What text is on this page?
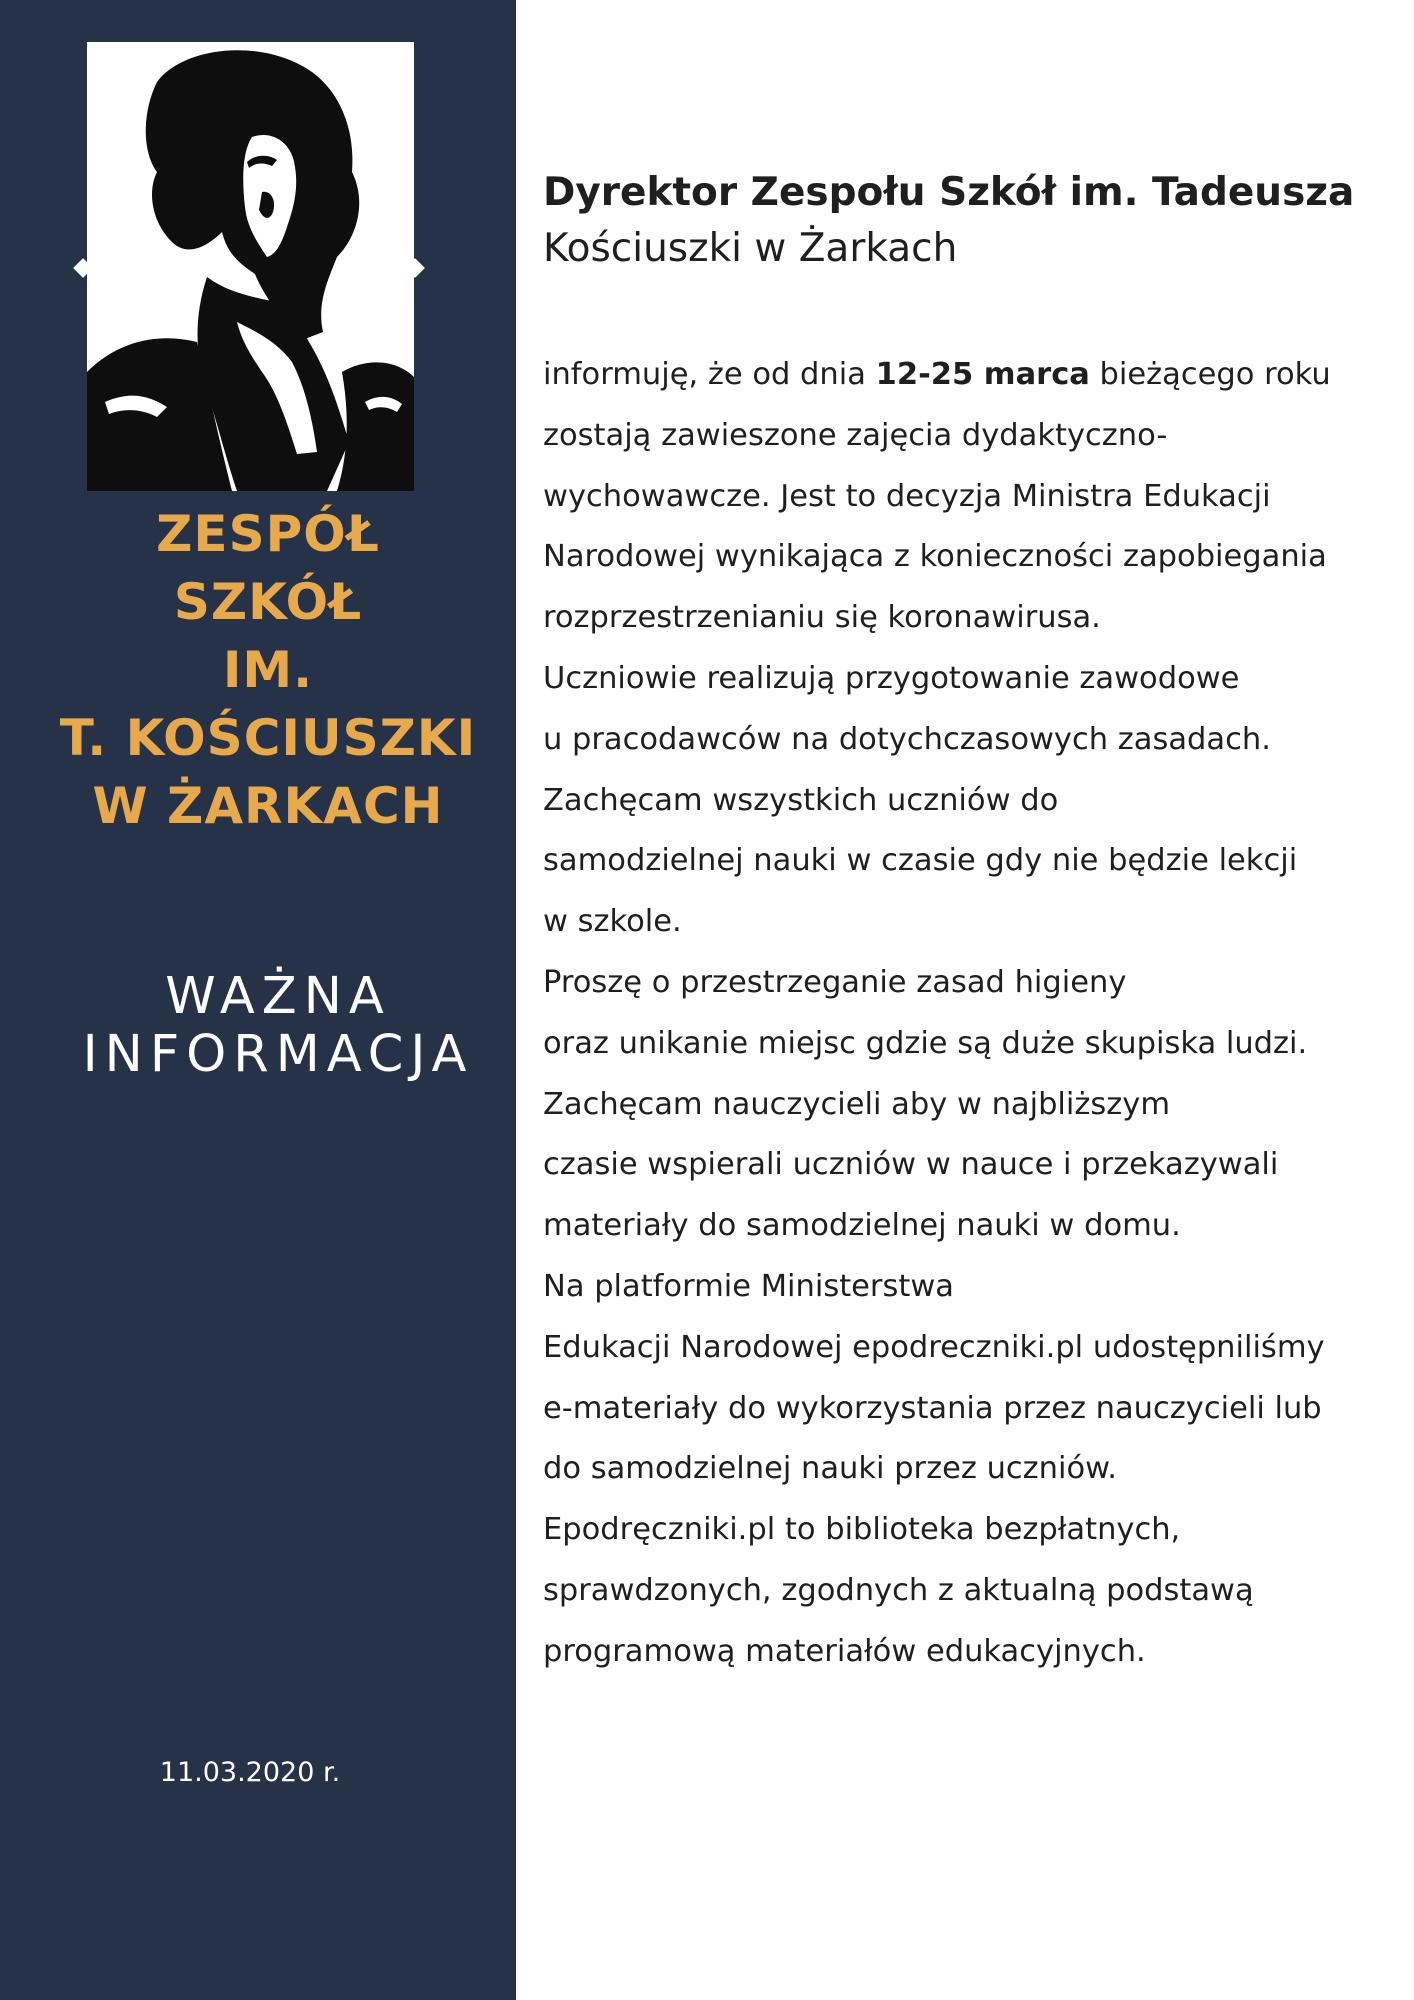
ZESPÓŁ
SZKÓŁ
IM.
T. KOŚCIUSZKI
W ŻARKACH
WAŻNA
INFORMACJA
11.03.2020 r.
Dyrektor Zespołu Szkół im. Tadeusza
Kościuszki w Żarkach
informuję, że od dnia 12-25 marca bieżącego roku
zostają zawieszone zajęcia dydaktyczno-
wychowawcze. Jest to decyzja Ministra Edukacji
Narodowej wynikająca z konieczności zapobiegania
rozprzestrzenianiu się koronawirusa.
Uczniowie realizują przygotowanie zawodowe
u pracodawców na dotychczasowych zasadach.
Zachęcam wszystkich uczniów do
samodzielnej nauki w czasie gdy nie będzie lekcji
w szkole.
Proszę o przestrzeganie zasad higieny
oraz unikanie miejsc gdzie są duże skupiska ludzi.
Zachęcam nauczycieli aby w najbliższym
czasie wspierali uczniów w nauce i przekazywali
materiały do samodzielnej nauki w domu.
Na platformie Ministerstwa
Edukacji Narodowej epodreczniki.pl udostępniliśmy
e-materiały do wykorzystania przez nauczycieli lub
do samodzielnej nauki przez uczniów.
Epodręczniki.pl to biblioteka bezpłatnych,
sprawdzonych, zgodnych z aktualną podstawą
programową materiałów edukacyjnych.
